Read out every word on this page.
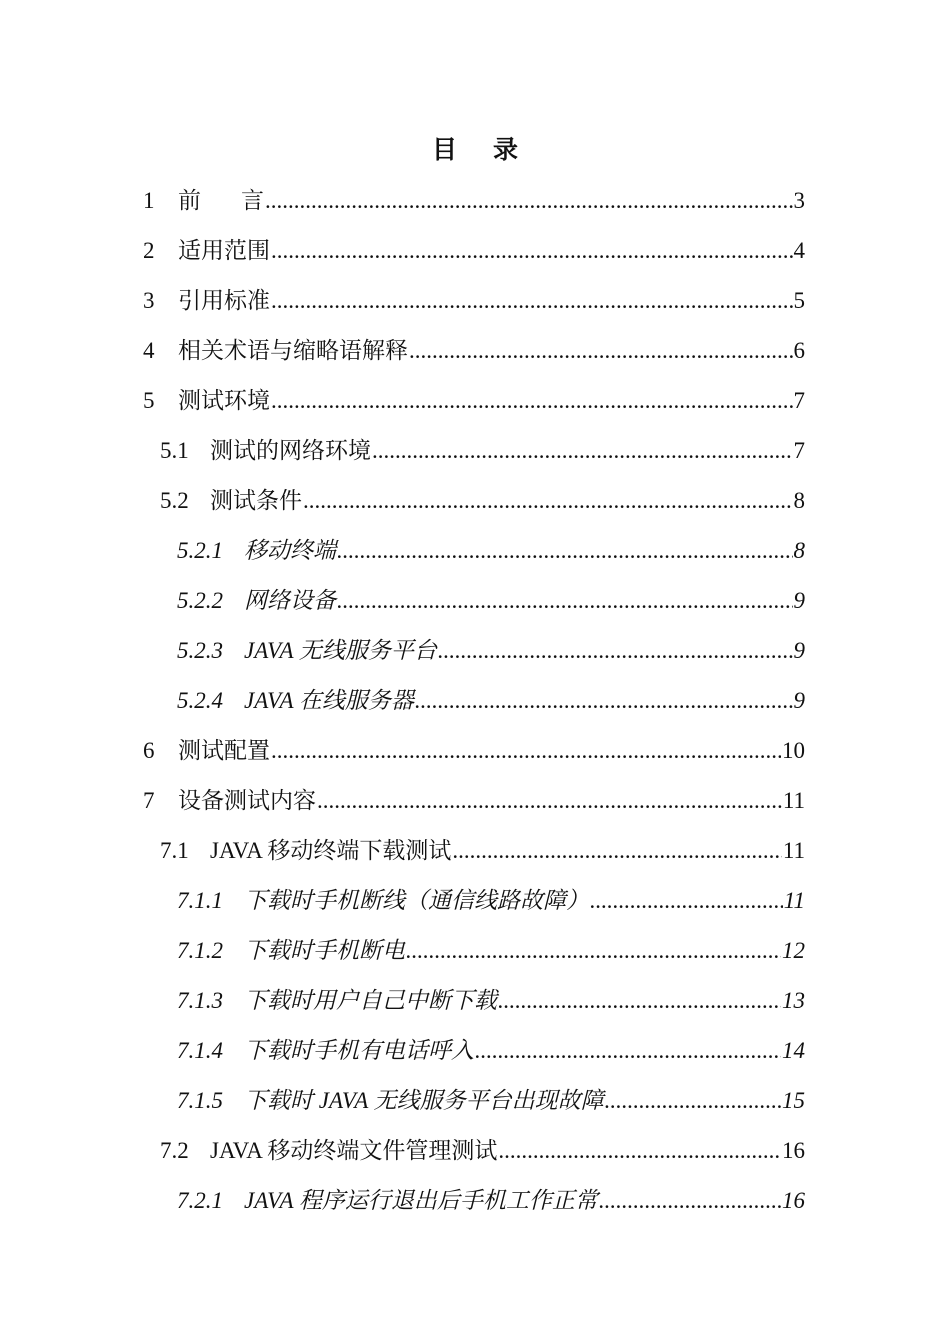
目 录
1	前 言 .....	3
2	适用范围 .....	4
3	引用标准 .....	5
4	相关术语与缩略语解释 .....	6
5	测试环境 .....	7
5.1 测试的网络环境 .....	7
5.2 测试条件 .....	8
5.2.1 移动终端 .....	8
5.2.2 网络设备 .....	9
5.2.3 JAVA 无线服务平台 .....	9
5.2.4 JAVA 在线服务器 .....	9
6	测试配置 .....	10
7	设备测试内容 .....	11
7.1 JAVA 移动终端下载测试 .....	11
7.1.1 下载时手机断线（通信线路故障） .....	11
7.1.2 下载时手机断电 .....	12
7.1.3 下载时用户自己中断下载 .....	13
7.1.4 下载时手机有电话呼入 .....	14
7.1.5 下载时 JAVA 无线服务平台出现故障 .....	15
7.2 JAVA 移动终端文件管理测试 .....	16
7.2.1 JAVA 程序运行退出后手机工作正常 .....	16
